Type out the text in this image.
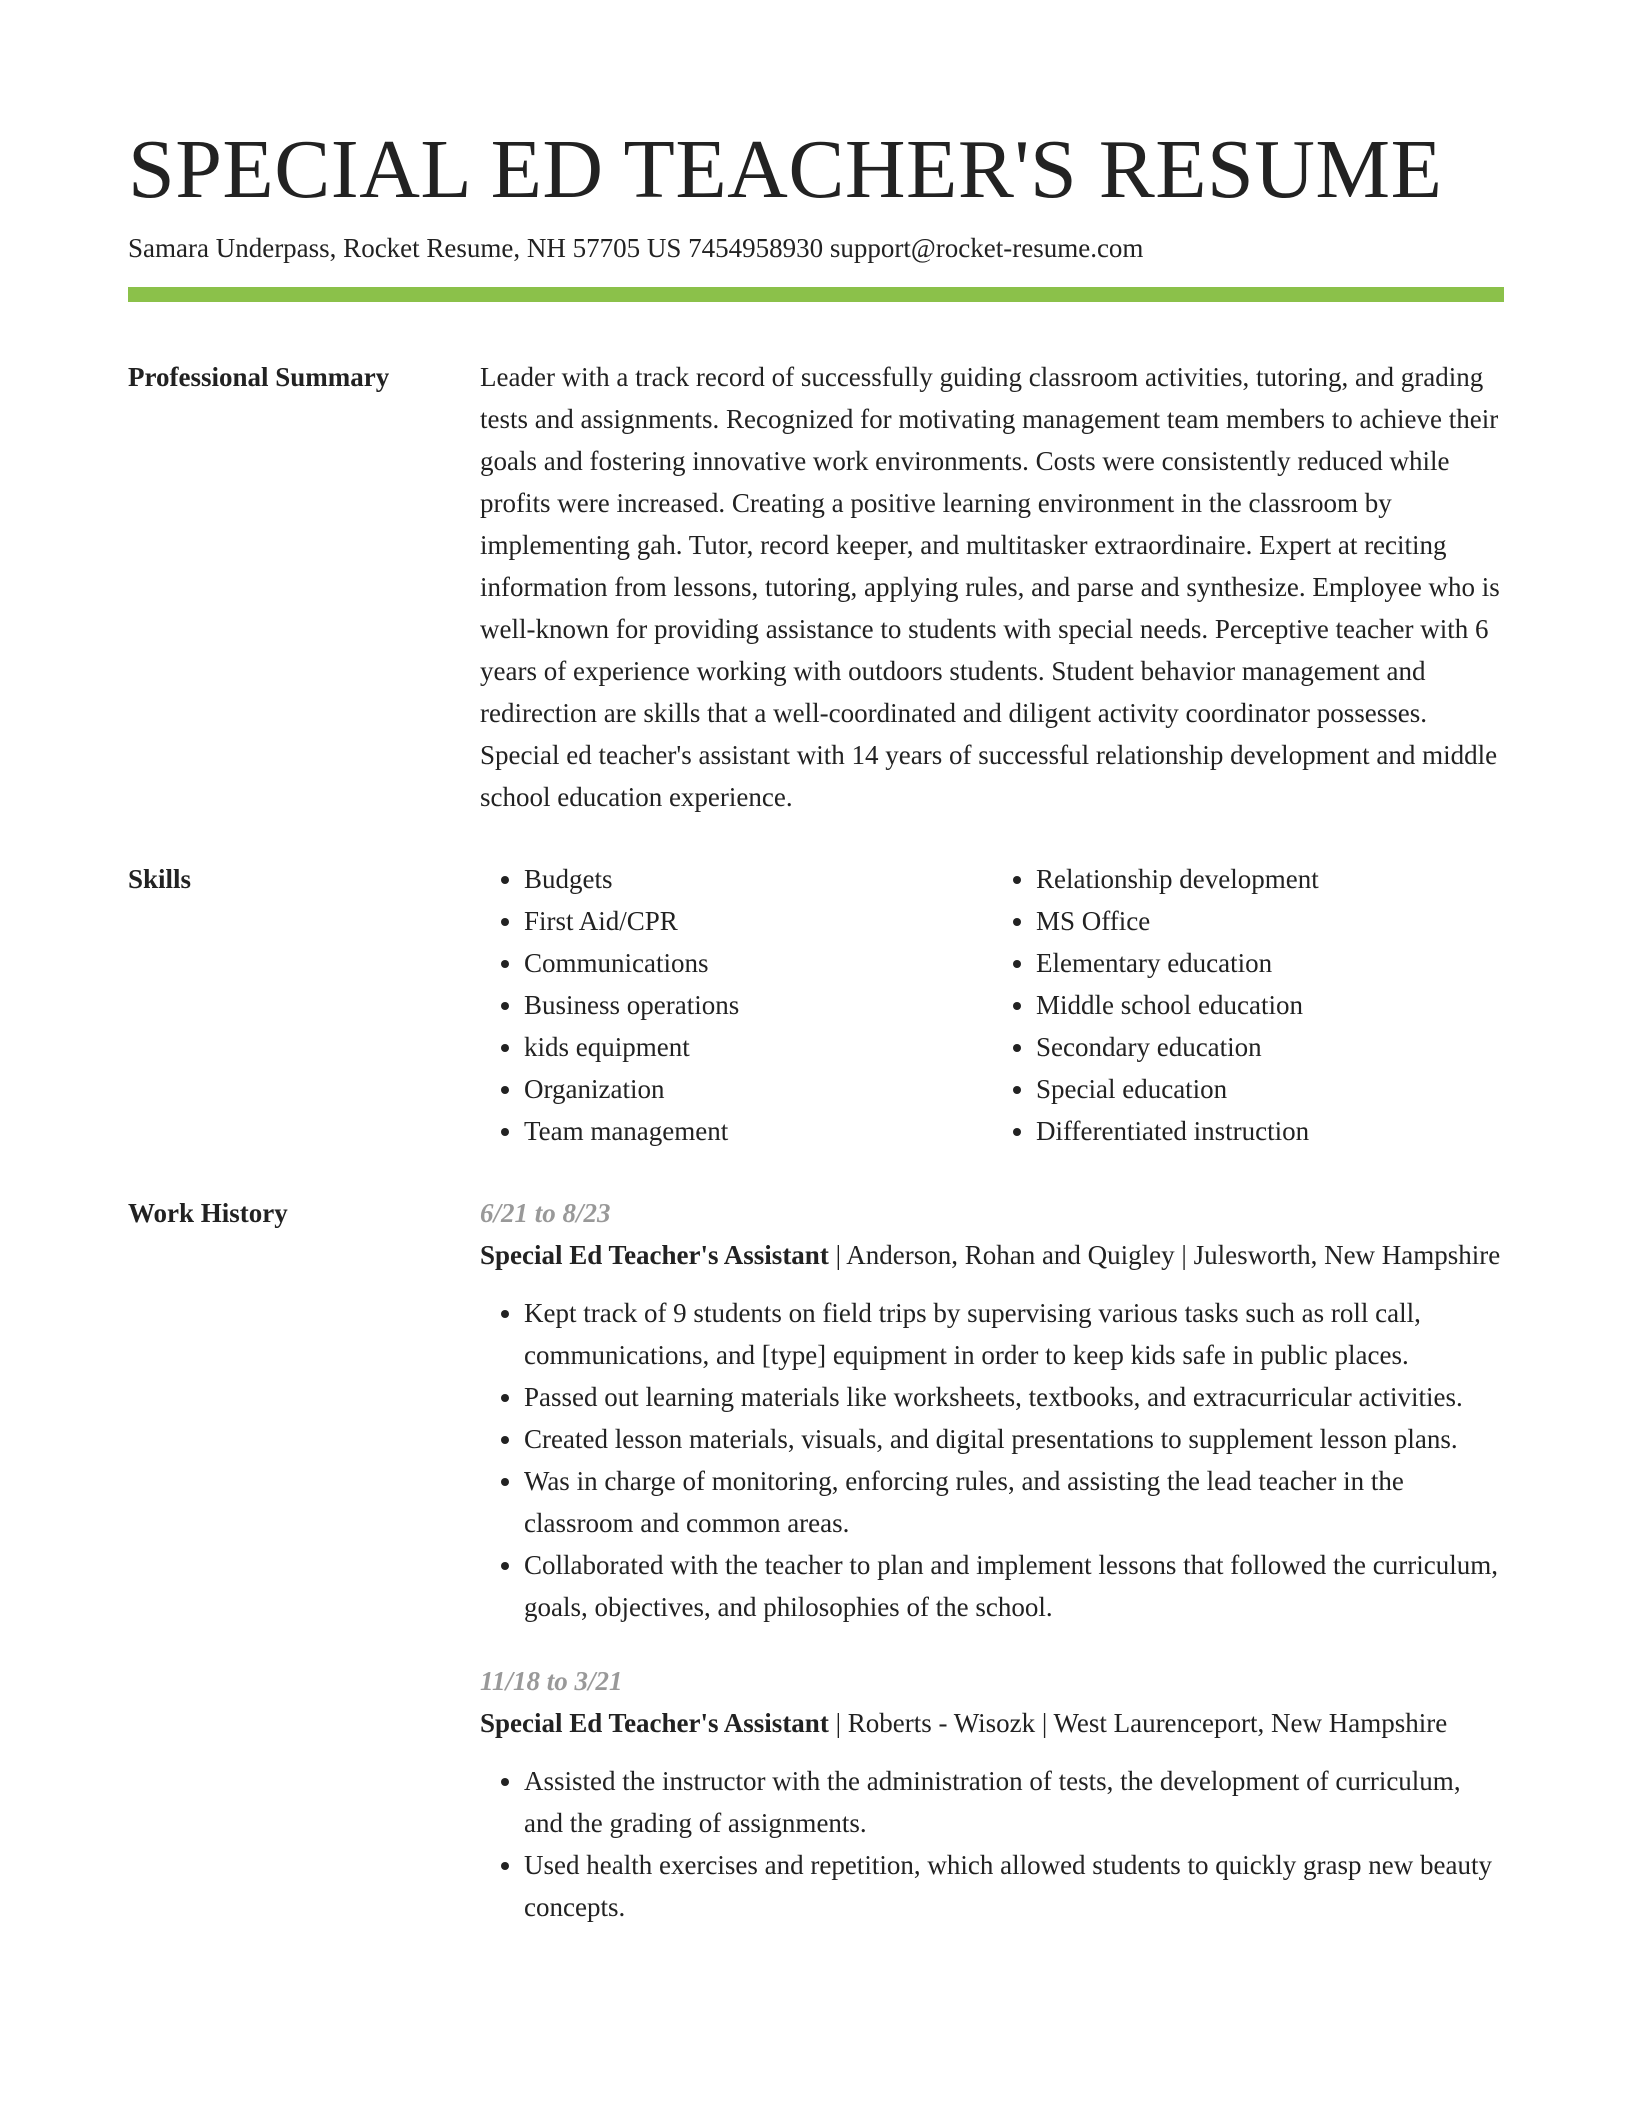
SPECIAL ED TEACHER'S RESUME
Samara Underpass, Rocket Resume, NH 57705 US 7454958930 support@rocket-resume.com
Professional Summary	Leader with a track record of successfully guiding classroom activities, tutoring, and grading tests and assignments. Recognized for motivating management team members to achieve their goals and fostering innovative work environments. Costs were consistently reduced while profits were increased. Creating a positive learning environment in the classroom by implementing gah. Tutor, record keeper, and multitasker extraordinaire. Expert at reciting information from lessons, tutoring, applying rules, and parse and synthesize. Employee who is well-known for providing assistance to students with special needs. Perceptive teacher with 6 years of experience working with outdoors students. Student behavior management and redirection are skills that a well-coordinated and diligent activity coordinator possesses. Special ed teacher's assistant with 14 years of successful relationship development and middle school education experience.

Skills
•	Budgets
• First Aid/CPR
• Communications
• Business operations
• kids equipment
• Organization
• Team management
• Relationship development
• MS Office
• Elementary education
• Middle school education
• Secondary education
• Special education
• Differentiated instruction
Work History	6/21 to 8/23
Special Ed Teacher's Assistant | Anderson, Rohan and Quigley | Julesworth, New Hampshire
• Kept track of 9 students on field trips by supervising various tasks such as roll call, communications, and [type] equipment in order to keep kids safe in public places.
• Passed out learning materials like worksheets, textbooks, and extracurricular activities.
• Created lesson materials, visuals, and digital presentations to supplement lesson plans.
• Was in charge of monitoring, enforcing rules, and assisting the lead teacher in the classroom and common areas.
• Collaborated with the teacher to plan and implement lessons that followed the curriculum, goals, objectives, and philosophies of the school.
11/18 to 3/21
Special Ed Teacher's Assistant | Roberts - Wisozk | West Laurenceport, New Hampshire
• Assisted the instructor with the administration of tests, the development of curriculum, and the grading of assignments.
• Used health exercises and repetition, which allowed students to quickly grasp new beauty concepts.
